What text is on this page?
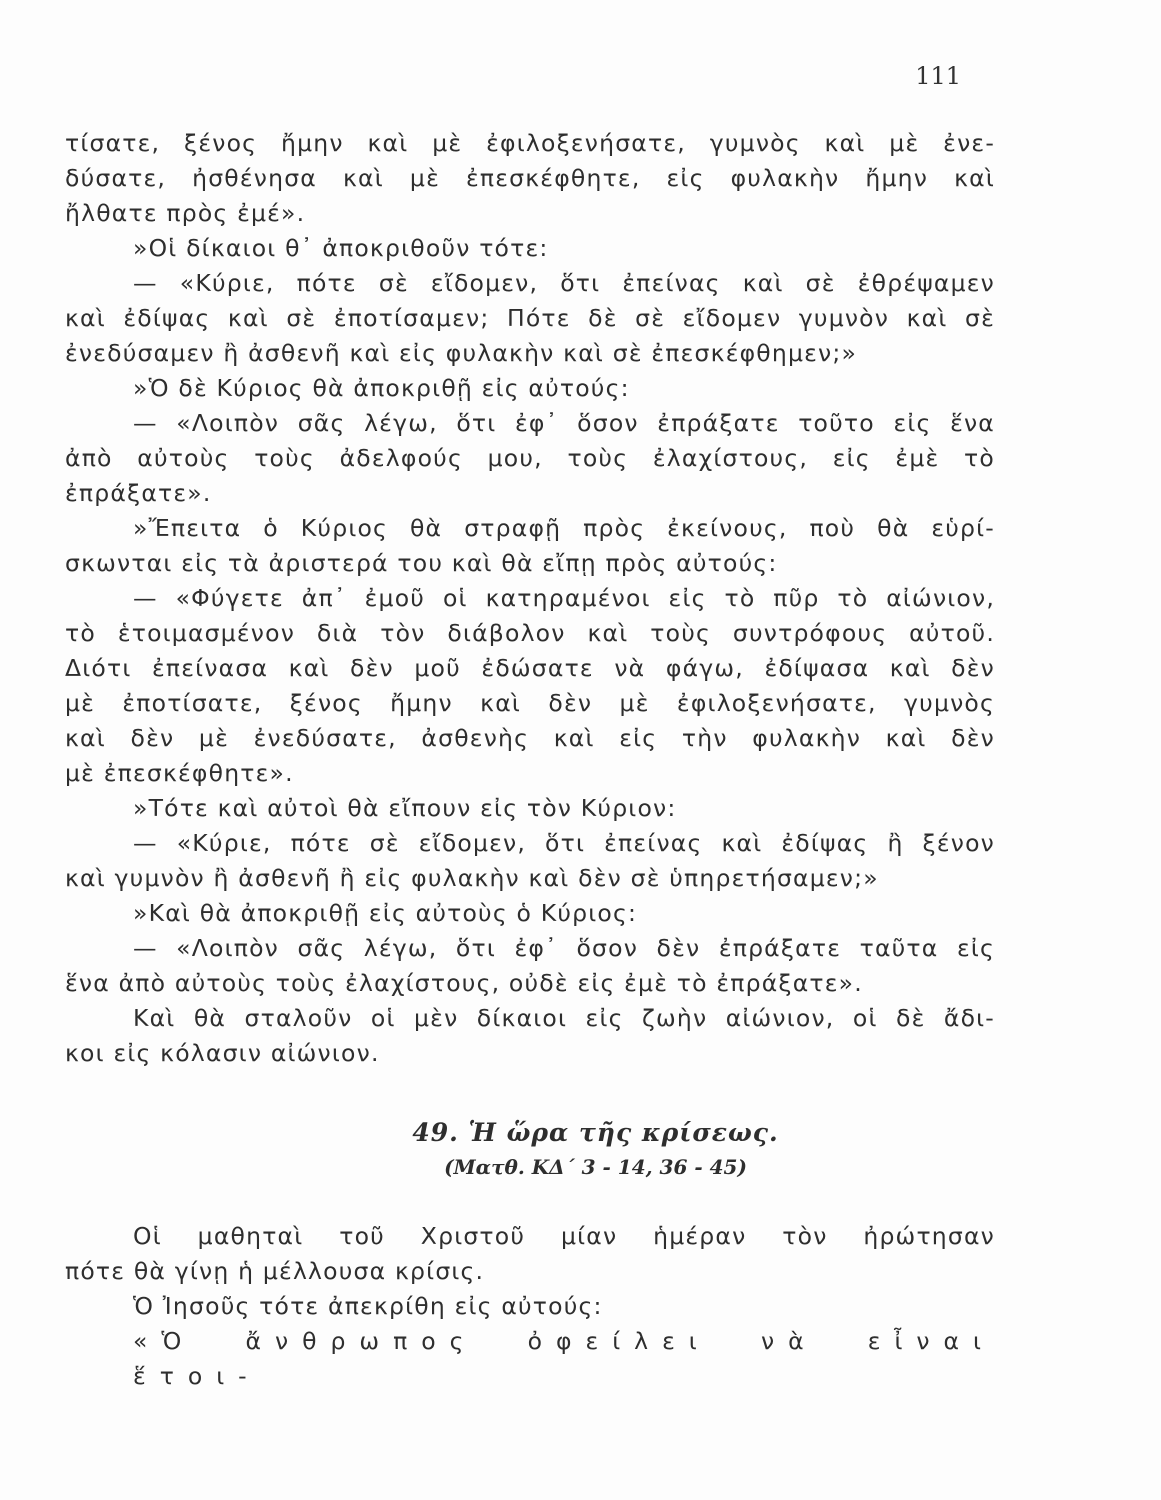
111
τίσατε, ξένος ἤμην καὶ μὲ ἐφιλοξενήσατε, γυμνὸς καὶ μὲ ἐνε-
δύσατε, ἠσθένησα καὶ μὲ ἐπεσκέφθητε, εἰς φυλακὴν ἤμην καὶ
ἤλθατε πρὸς ἐμέ».
»Οἱ δίκαιοι θ᾽ ἀποκριθοῦν τότε:
— «Κύριε, πότε σὲ εἴδομεν, ὅτι ἐπείνας καὶ σὲ ἐθρέψαμεν
καὶ ἐδίψας καὶ σὲ ἐποτίσαμεν; Πότε δὲ σὲ εἴδομεν γυμνὸν καὶ σὲ
ἐνεδύσαμεν ἢ ἀσθενῆ καὶ εἰς φυλακὴν καὶ σὲ ἐπεσκέφθημεν;»
»Ὁ δὲ Κύριος θὰ ἀποκριθῇ εἰς αὐτούς:
— «Λοιπὸν σᾶς λέγω, ὅτι ἐφ᾽ ὅσον ἐπράξατε τοῦτο εἰς ἕνα
ἀπὸ αὐτοὺς τοὺς ἀδελφούς μου, τοὺς ἐλαχίστους, εἰς ἐμὲ τὸ
ἐπράξατε».
»Ἔπειτα ὁ Κύριος θὰ στραφῇ πρὸς ἐκείνους, ποὺ θὰ εὑρί-
σκωνται εἰς τὰ ἀριστερά του καὶ θὰ εἴπῃ πρὸς αὐτούς:
— «Φύγετε ἀπ᾽ ἐμοῦ οἱ κατηραμένοι εἰς τὸ πῦρ τὸ αἰώνιον,
τὸ ἑτοιμασμένον διὰ τὸν διάβολον καὶ τοὺς συντρόφους αὐτοῦ.
Διότι ἐπείνασα καὶ δὲν μοῦ ἐδώσατε νὰ φάγω, ἐδίψασα καὶ δὲν
μὲ ἐποτίσατε, ξένος ἤμην καὶ δὲν μὲ ἐφιλοξενήσατε, γυμνὸς
καὶ δὲν μὲ ἐνεδύσατε, ἀσθενὴς καὶ εἰς τὴν φυλακὴν καὶ δὲν
μὲ ἐπεσκέφθητε».
»Τότε καὶ αὐτοὶ θὰ εἴπουν εἰς τὸν Κύριον:
— «Κύριε, πότε σὲ εἴδομεν, ὅτι ἐπείνας καὶ ἐδίψας ἢ ξένον
καὶ γυμνὸν ἢ ἀσθενῆ ἢ εἰς φυλακὴν καὶ δὲν σὲ ὑπηρετήσαμεν;»
»Καὶ θὰ ἀποκριθῇ εἰς αὐτοὺς ὁ Κύριος:
— «Λοιπὸν σᾶς λέγω, ὅτι ἐφ᾽ ὅσον δὲν ἐπράξατε ταῦτα εἰς
ἕνα ἀπὸ αὐτοὺς τοὺς ἐλαχίστους, οὐδὲ εἰς ἐμὲ τὸ ἐπράξατε».
Καὶ θὰ σταλοῦν οἱ μὲν δίκαιοι εἰς ζωὴν αἰώνιον, οἱ δὲ ἄδι-
κοι εἰς κόλασιν αἰώνιον.
49. Ἡ ὥρα τῆς κρίσεως.
(Ματθ. ΚΔ΄ 3 - 14, 36 - 45)
Οἱ μαθηταὶ τοῦ Χριστοῦ μίαν ἡμέραν τὸν ἠρώτησαν
πότε θὰ γίνῃ ἡ μέλλουσα κρίσις.
Ὁ Ἰησοῦς τότε ἀπεκρίθη εἰς αὐτούς:
«Ὁ ἄνθρωπος ὀφείλει νὰ εἶναι ἕτοι-
